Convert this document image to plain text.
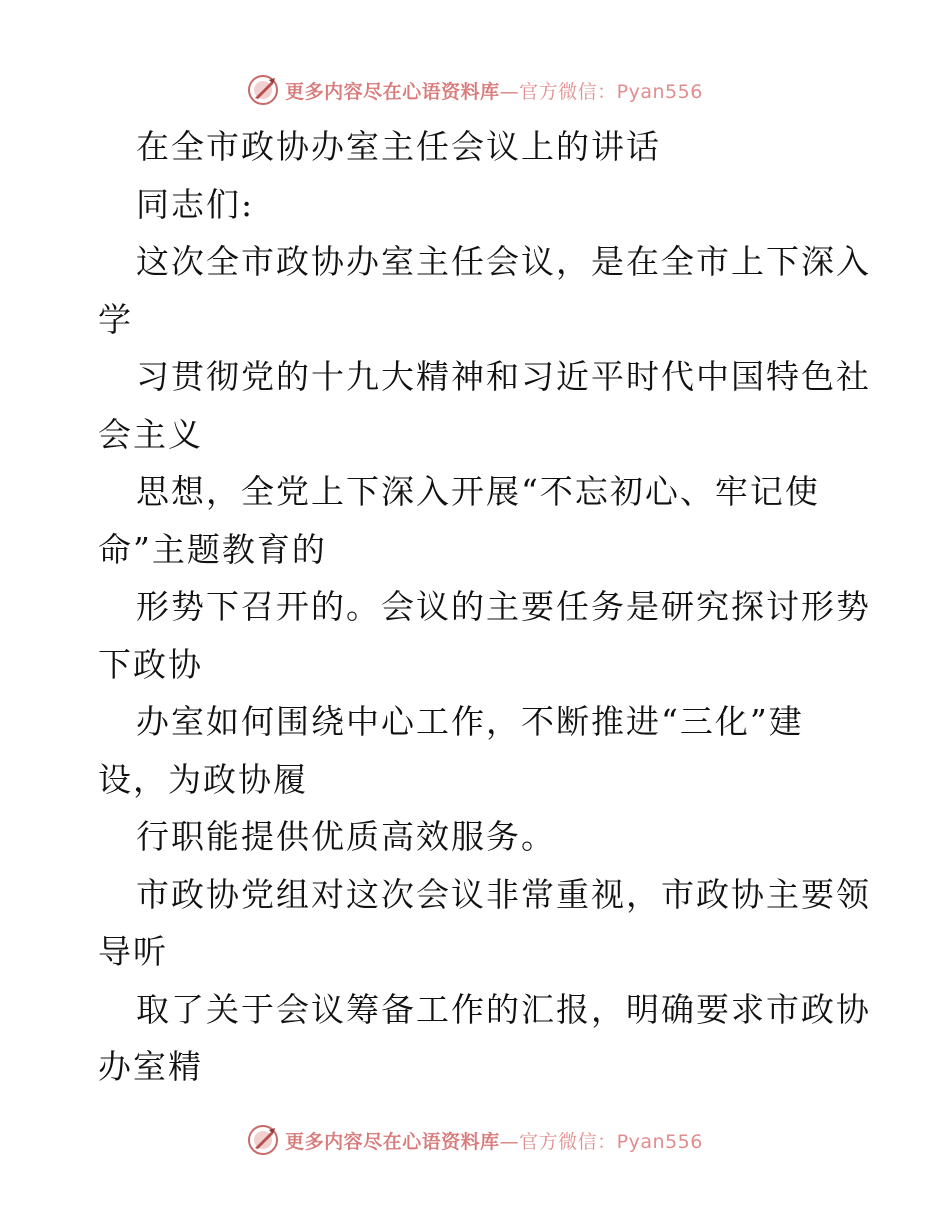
更多内容尽在心语资料库—官方微信：Pyan556
在全市政协办室主任会议上的讲话
同志们:
这次全市政协办室主任会议，是在全市上下深入
学
习贯彻党的十九大精神和习近平时代中国特色社
会主义
思想，全党上下深入开展“不忘初心、牢记使
命”主题教育的
形势下召开的。会议的主要任务是研究探讨形势
下政协
办室如何围绕中心工作，不断推进“三化”建
设，为政协履
行职能提供优质高效服务。
市政协党组对这次会议非常重视，市政协主要领
导听
取了关于会议筹备工作的汇报，明确要求市政协
办室精
更多内容尽在心语资料库—官方微信：Pyan556
